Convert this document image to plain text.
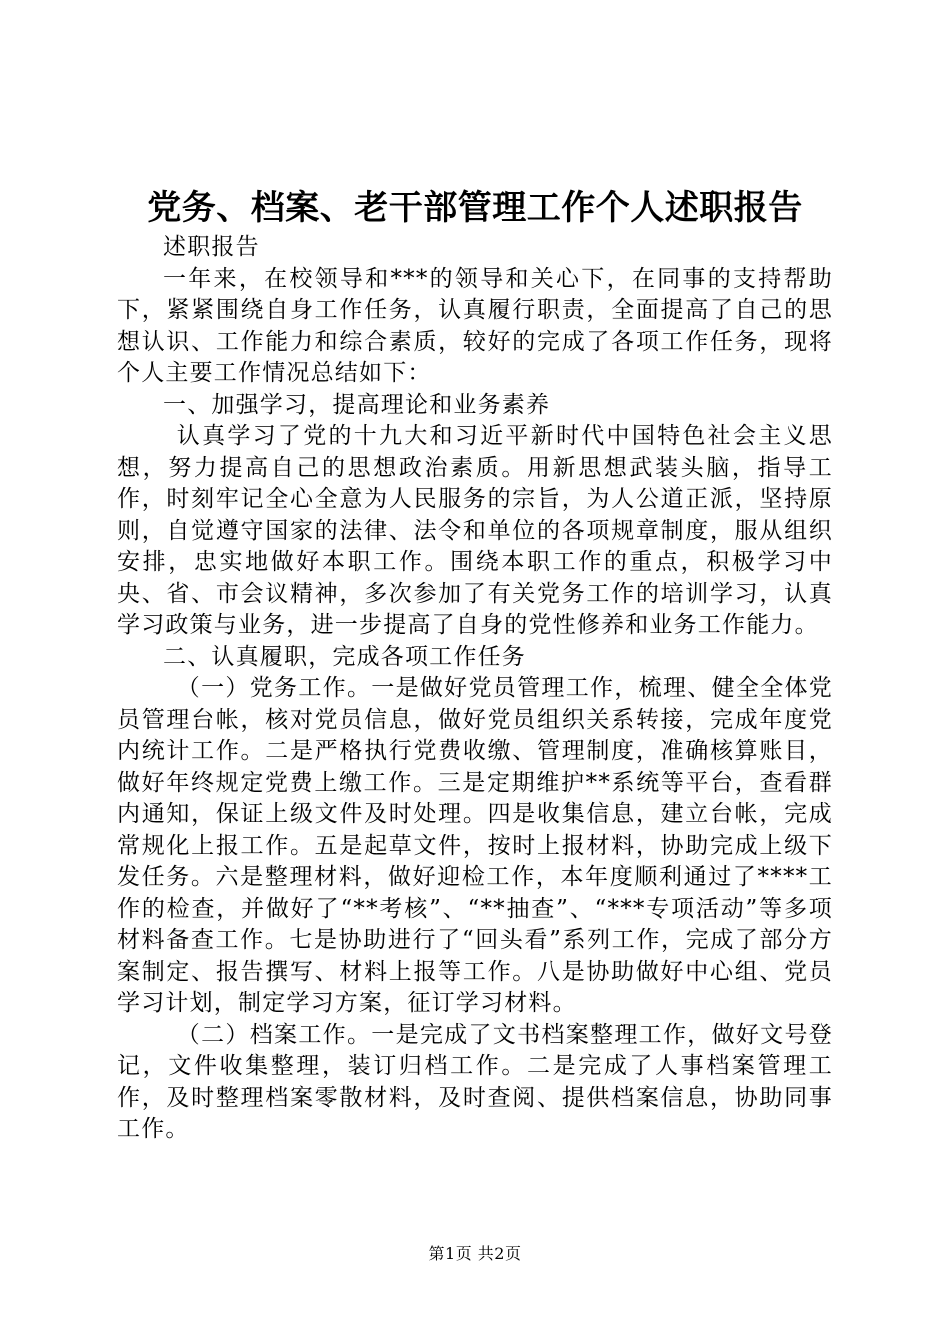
党务、档案、老干部管理工作个人述职报告

述职报告

一年来，在校领导和***的领导和关心下，在同事的支持帮助下，紧紧围绕自身工作任务，认真履行职责，全面提高了自己的思想认识、工作能力和综合素质，较好的完成了各项工作任务，现将个人主要工作情况总结如下：

一、加强学习，提高理论和业务素养

认真学习了党的十九大和习近平新时代中国特色社会主义思想，努力提高自己的思想政治素质。用新思想武装头脑，指导工作，时刻牢记全心全意为人民服务的宗旨，为人公道正派，坚持原则，自觉遵守国家的法律、法令和单位的各项规章制度，服从组织安排，忠实地做好本职工作。围绕本职工作的重点，积极学习中央、省、市会议精神，多次参加了有关党务工作的培训学习，认真学习政策与业务，进一步提高了自身的党性修养和业务工作能力。

二、认真履职，完成各项工作任务

（一）党务工作。一是做好党员管理工作，梳理、健全全体党员管理台帐，核对党员信息，做好党员组织关系转接，完成年度党内统计工作。二是严格执行党费收缴、管理制度，准确核算账目，做好年终规定党费上缴工作。三是定期维护**系统等平台，查看群内通知，保证上级文件及时处理。四是收集信息，建立台帐，完成常规化上报工作。五是起草文件，按时上报材料，协助完成上级下发任务。六是整理材料，做好迎检工作，本年度顺利通过了****工作的检查，并做好了“**考核”、“**抽查”、“***专项活动”等多项材料备查工作。七是协助进行了“回头看”系列工作，完成了部分方案制定、报告撰写、材料上报等工作。八是协助做好中心组、党员学习计划，制定学习方案，征订学习材料。

（二）档案工作。一是完成了文书档案整理工作，做好文号登记，文件收集整理，装订归档工作。二是完成了人事档案管理工作，及时整理档案零散材料，及时查阅、提供档案信息，协助同事工作。

第1页 共2页
